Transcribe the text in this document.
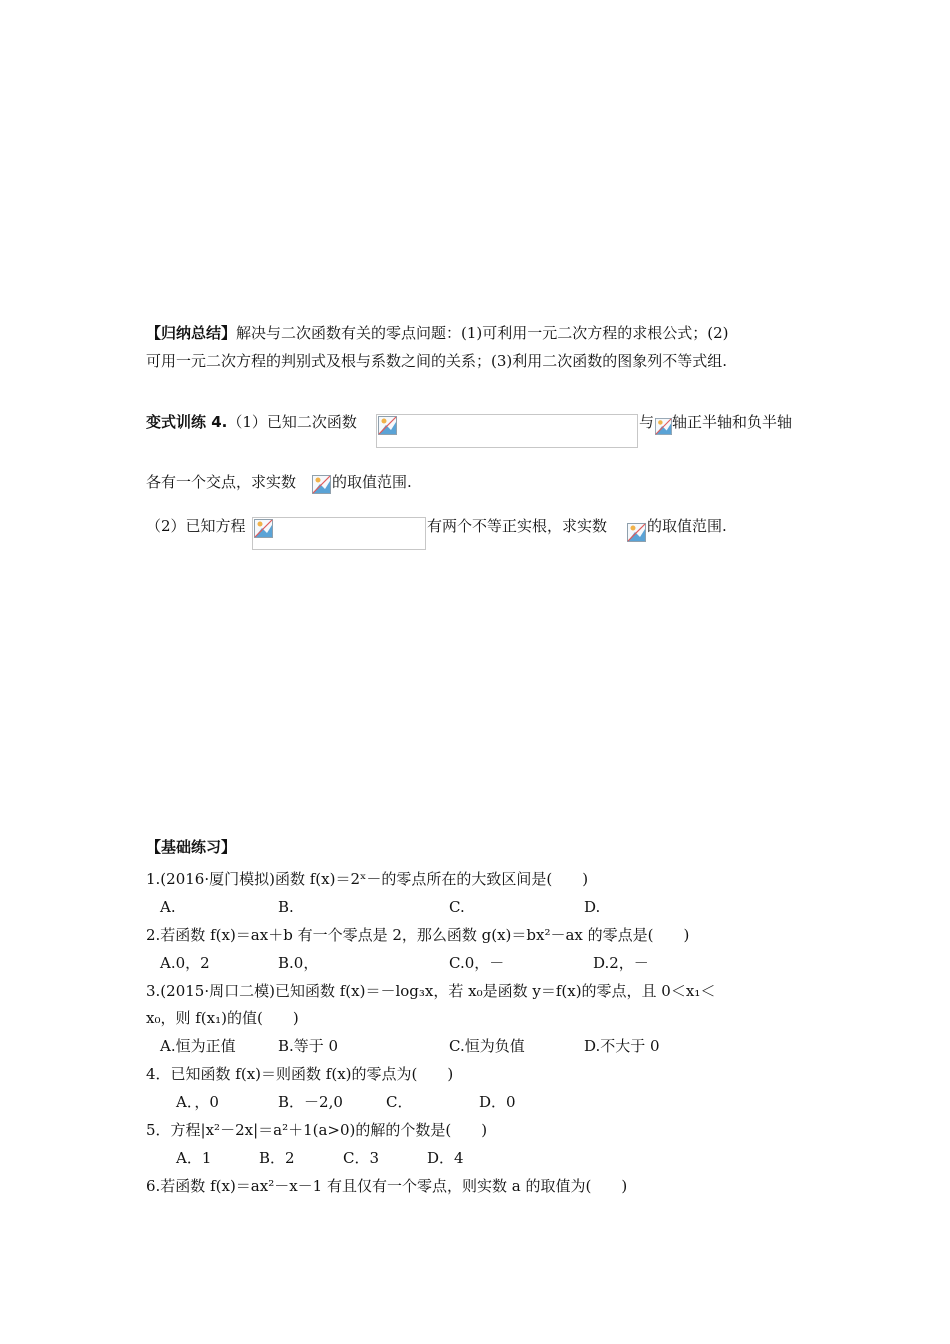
【归纳总结】解决与二次函数有关的零点问题：(1)可利用一元二次方程的求根公式；(2)
可用一元二次方程的判别式及根与系数之间的关系；(3)利用二次函数的图象列不等式组.
变式训练 4.（1）已知二次函数	与 轴正半轴和负半轴
各有一个交点，求实数 的取值范围.
（2）已知方程	有两个不等正实根，求实数	的取值范围.
【基础练习】
1.(2016·厦门模拟)函数 f(x)＝2ˣ－的零点所在的大致区间是(　　)
A.	B.	C.	D.
2.若函数 f(x)＝ax＋b 有一个零点是 2，那么函数 g(x)＝bx²－ax 的零点是(　　)
A.0，2	B.0，	C.0，－	D.2，－
3.(2015·周口二模)已知函数 f(x)＝－log₃x，若 x₀是函数 y＝f(x)的零点，且 0＜x₁＜
x₀，则 f(x₁)的值(　　)
A.恒为正值	B.等于 0	C.恒为负值	D.不大于 0
4．已知函数 f(x)＝则函数 f(x)的零点为(　　)
A．，0	B．－2,0	C．	D．0
5．方程|x²－2x|＝a²＋1(a>0)的解的个数是(　　)
A．1	B．2	C．3	D．4
6.若函数 f(x)＝ax²－x－1 有且仅有一个零点，则实数 a 的取值为(　　)
